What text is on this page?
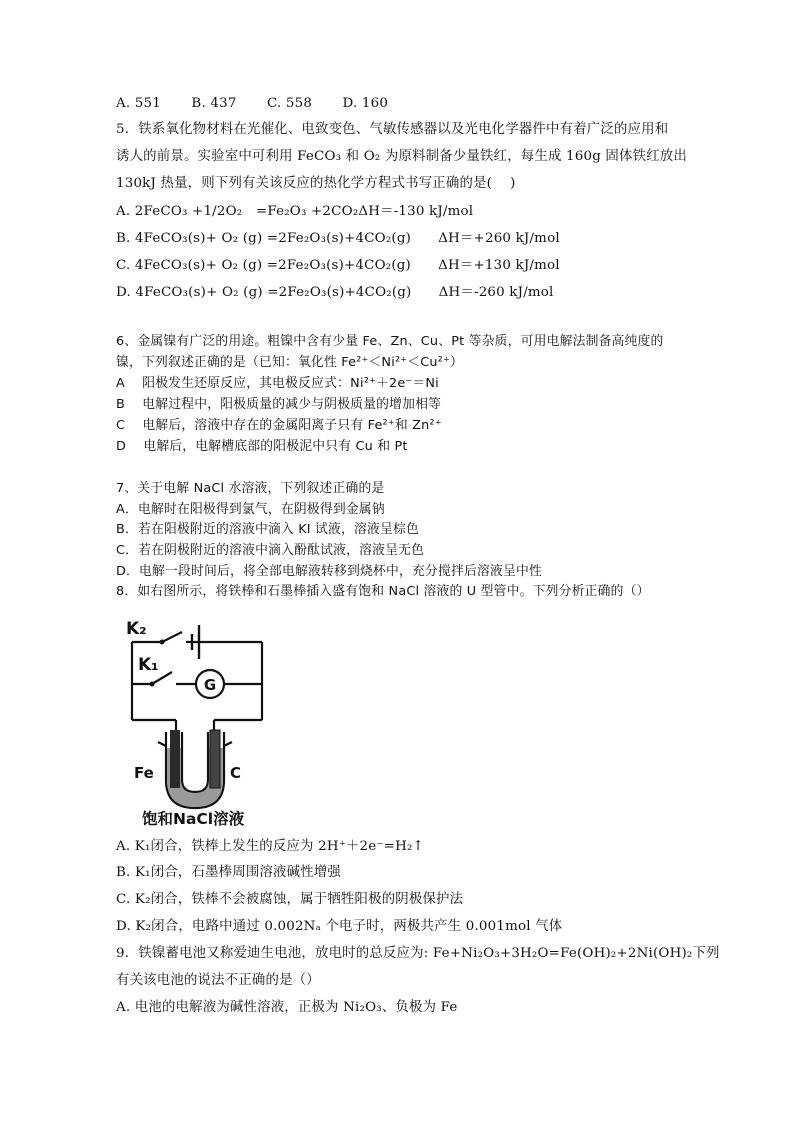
A. 551 B. 437 C. 558 D. 160
5．铁系氧化物材料在光催化、电致变色、气敏传感器以及光电化学器件中有着广泛的应用和
诱人的前景。实验室中可利用 FeCO₃ 和 O₂ 为原料制备少量铁红，每生成 160g 固体铁红放出
130kJ 热量，则下列有关该反应的热化学方程式书写正确的是(　 )
A. 2FeCO₃ +1/2O₂　=Fe₂O₃ +2CO₂ΔH＝-130 kJ/mol
B. 4FeCO₃(s)+ O₂ (g) =2Fe₂O₃(s)+4CO₂(g)　　ΔH＝+260 kJ/mol
C. 4FeCO₃(s)+ O₂ (g) =2Fe₂O₃(s)+4CO₂(g)　　ΔH＝+130 kJ/mol
D. 4FeCO₃(s)+ O₂ (g) =2Fe₂O₃(s)+4CO₂(g)　　ΔH＝-260 kJ/mol
6、金属镍有广泛的用途。粗镍中含有少量 Fe、Zn、Cu、Pt 等杂质，可用电解法制备高纯度的
镍，下列叙述正确的是（已知：氧化性 Fe²⁺＜Ni²⁺＜Cu²⁺）
A　 阳极发生还原反应，其电极反应式：Ni²⁺＋2e⁻＝Ni
B　 电解过程中，阳极质量的减少与阴极质量的增加相等
C　 电解后，溶液中存在的金属阳离子只有 Fe²⁺和 Zn²⁺
D　 电解后，电解槽底部的阳极泥中只有 Cu 和 Pt
7、关于电解 NaCl 水溶液，下列叙述正确的是
A．电解时在阳极得到氯气，在阴极得到金属钠
B．若在阳极附近的溶液中滴入 KI 试液，溶液呈棕色
C．若在阴极附近的溶液中滴入酚酞试液，溶液呈无色
D．电解一段时间后，将全部电解液转移到烧杯中，充分搅拌后溶液呈中性
8．如右图所示，将铁棒和石墨棒插入盛有饱和 NaCl 溶液的 U 型管中。下列分析正确的（）
G
K₂
K₁
Fe	C
饱和NaCl溶液
A. K₁闭合，铁棒上发生的反应为 2H⁺＋2e⁻=H₂↑
B. K₁闭合，石墨棒周围溶液碱性增强
C. K₂闭合，铁棒不会被腐蚀，属于牺牲阳极的阴极保护法
D. K₂闭合，电路中通过 0.002Nₐ 个电子时，两极共产生 0.001mol 气体
9．铁镍蓄电池又称爱迪生电池，放电时的总反应为: Fe+Ni₂O₃+3H₂O=Fe(OH)₂+2Ni(OH)₂下列
有关该电池的说法不正确的是（）
A. 电池的电解液为碱性溶液，正极为 Ni₂O₃、负极为 Fe
